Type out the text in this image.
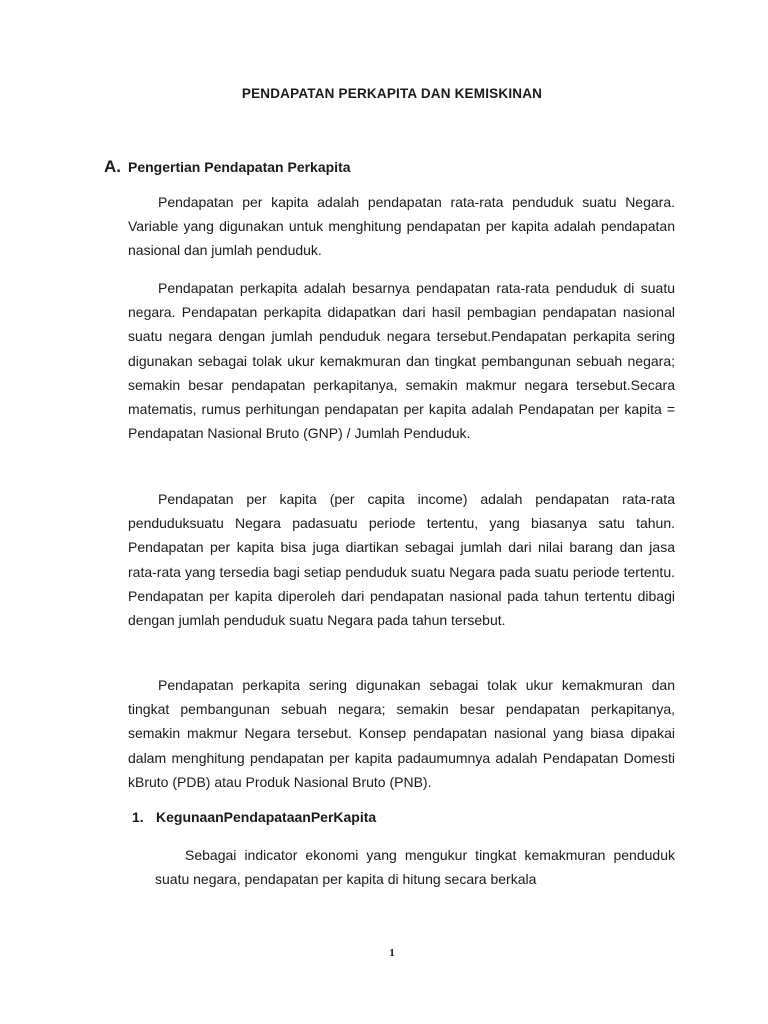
PENDAPATAN PERKAPITA DAN KEMISKINAN
A. Pengertian Pendapatan Perkapita

Pendapatan per kapita adalah pendapatan rata-rata penduduk suatu Negara. Variable yang digunakan untuk menghitung pendapatan per kapita adalah pendapatan nasional dan jumlah penduduk.

Pendapatan perkapita adalah besarnya pendapatan rata-rata penduduk di suatu negara. Pendapatan perkapita didapatkan dari hasil pembagian pendapatan nasional suatu negara dengan jumlah penduduk negara tersebut.Pendapatan perkapita sering digunakan sebagai tolak ukur kemakmuran dan tingkat pembangunan sebuah negara; semakin besar pendapatan perkapitanya, semakin makmur negara tersebut.Secara matematis, rumus perhitungan pendapatan per kapita adalah Pendapatan per kapita = Pendapatan Nasional Bruto (GNP) / Jumlah Penduduk.

Pendapatan per kapita (per capita income) adalah pendapatan rata-rata penduduksuatu Negara padasuatu periode tertentu, yang biasanya satu tahun. Pendapatan per kapita bisa juga diartikan sebagai jumlah dari nilai barang dan jasa rata-rata yang tersedia bagi setiap penduduk suatu Negara pada suatu periode tertentu. Pendapatan per kapita diperoleh dari pendapatan nasional pada tahun tertentu dibagi dengan jumlah penduduk suatu Negara pada tahun tersebut.

Pendapatan perkapita sering digunakan sebagai tolak ukur kemakmuran dan tingkat pembangunan sebuah negara; semakin besar pendapatan perkapitanya, semakin makmur Negara tersebut. Konsep pendapatan nasional yang biasa dipakai dalam menghitung pendapatan per kapita padaumumnya adalah Pendapatan Domesti kBruto (PDB) atau Produk Nasional Bruto (PNB).

1. KegunaanPendapataanPerKapita

Sebagai indicator ekonomi yang mengukur tingkat kemakmuran penduduk suatu negara, pendapatan per kapita di hitung secara berkala

1
